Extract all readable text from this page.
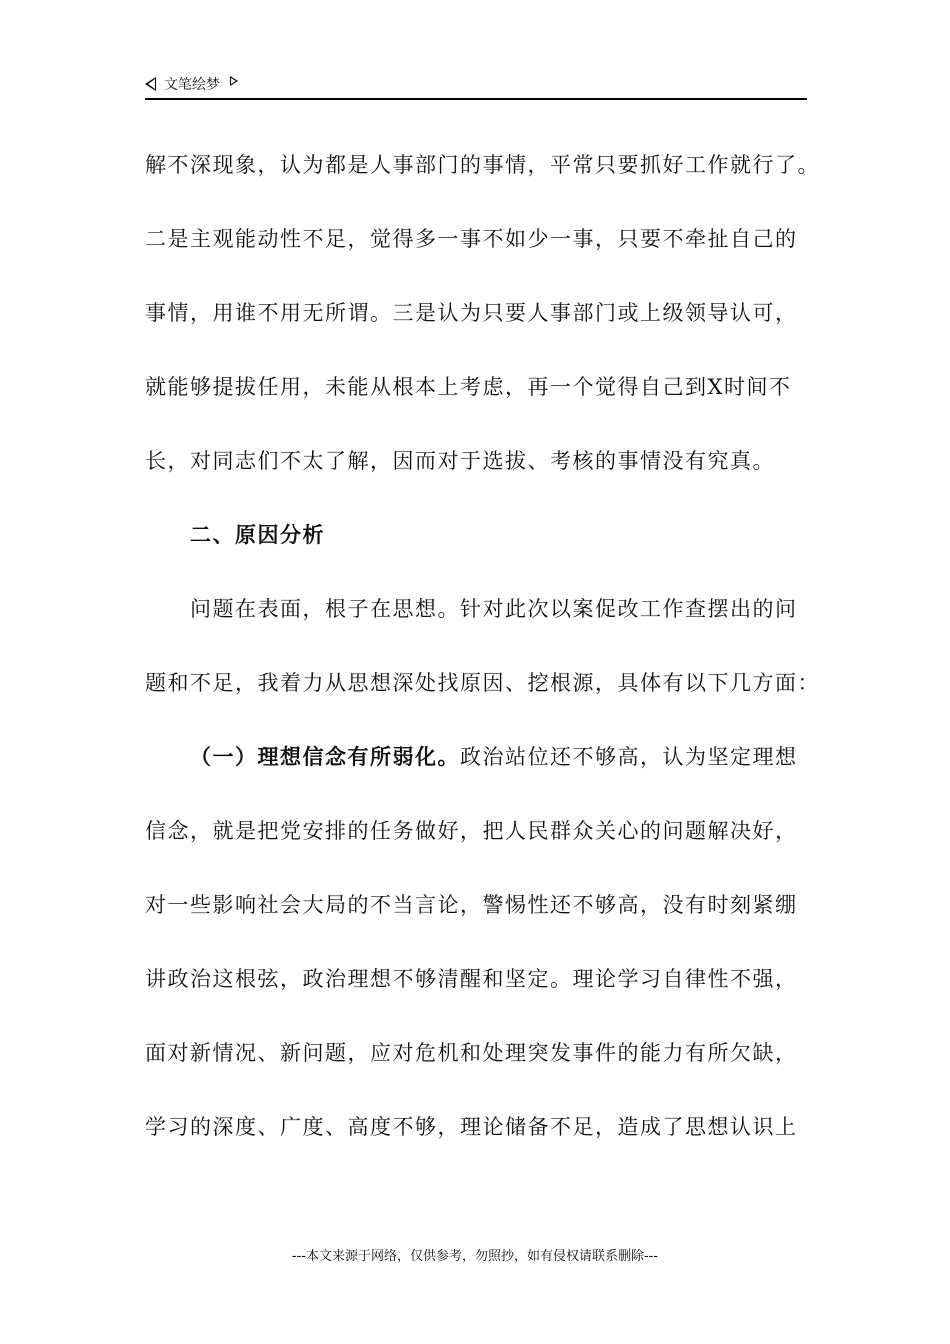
文笔绘梦
解不深现象，认为都是人事部门的事情，平常只要抓好工作就行了。
二是主观能动性不足，觉得多一事不如少一事，只要不牵扯自己的
事情，用谁不用无所谓。三是认为只要人事部门或上级领导认可，
就能够提拔任用，未能从根本上考虑，再一个觉得自己到X时间不
长，对同志们不太了解，因而对于选拔、考核的事情没有究真。
二、原因分析
问题在表面，根子在思想。针对此次以案促改工作查摆出的问
题和不足，我着力从思想深处找原因、挖根源，具体有以下几方面：
（一）理想信念有所弱化。政治站位还不够高，认为坚定理想
信念，就是把党安排的任务做好，把人民群众关心的问题解决好，
对一些影响社会大局的不当言论，警惕性还不够高，没有时刻紧绷
讲政治这根弦，政治理想不够清醒和坚定。理论学习自律性不强，
面对新情况、新问题，应对危机和处理突发事件的能力有所欠缺，
学习的深度、广度、高度不够，理论储备不足，造成了思想认识上
---本文来源于网络，仅供参考，勿照抄，如有侵权请联系删除---
